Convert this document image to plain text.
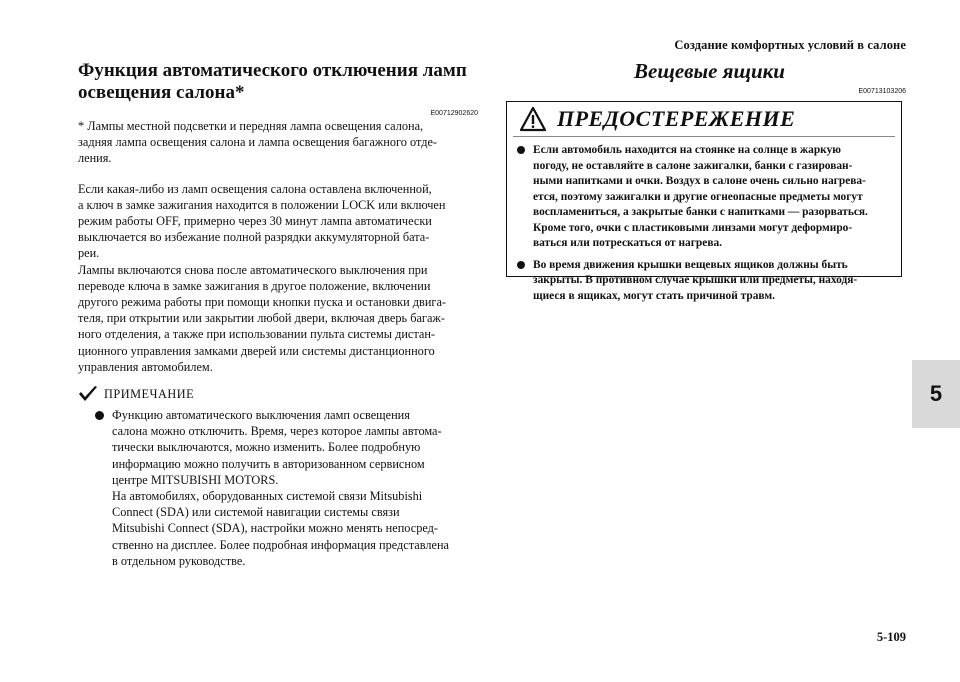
Создание комфортных условий в салоне
Функция автоматического отключения ламп
освещения салона*
E00712902620

* Лампы местной подсветки и передняя лампа освещения салона,
задняя лампа освещения салона и лампа освещения багажного отде-
ления.

Если какая-либо из ламп освещения салона оставлена включенной,
а ключ в замке зажигания находится в положении LOCK или включен
режим работы OFF, примерно через 30 минут лампа автоматически
выключается во избежание полной разрядки аккумуляторной бата-
реи.

Лампы включаются снова после автоматического выключения при
переводе ключа в замке зажигания в другое положение, включении
другого режима работы при помощи кнопки пуска и остановки двига-
теля, при открытии или закрытии любой двери, включая дверь багаж-
ного отделения, а также при использовании пульта системы дистан-
ционного управления замками дверей или системы дистанционного
управления автомобилем.

ПРИМЕЧАНИЕ
Функцию автоматического выключения ламп освещения
салона можно отключить. Время, через которое лампы автома-
тически выключаются, можно изменить. Более подробную
информацию можно получить в авторизованном сервисном
центре MITSUBISHI MOTORS.
На автомобилях, оборудованных системой связи Mitsubishi
Connect (SDA) или системой навигации системы связи
Mitsubishi Connect (SDA), настройки можно менять непосред-
ственно на дисплее. Более подробная информация представлена
в отдельном руководстве.
Вещевые ящики
E00713103206
ПРЕДОСТЕРЕЖЕНИЕ
Если автомобиль находится на стоянке на солнце в жаркую
погоду, не оставляйте в салоне зажигалки, банки с газирован-
ными напитками и очки. Воздух в салоне очень сильно нагрева-
ется, поэтому зажигалки и другие огнеопасные предметы могут
воспламениться, а закрытые банки с напитками — разорваться.
Кроме того, очки с пластиковыми линзами могут деформиро-
ваться или потрескаться от нагрева.
Во время движения крышки вещевых ящиков должны быть
закрыты. В противном случае крышки или предметы, находя-
щиеся в ящиках, могут стать причиной травм.
5
5-109
